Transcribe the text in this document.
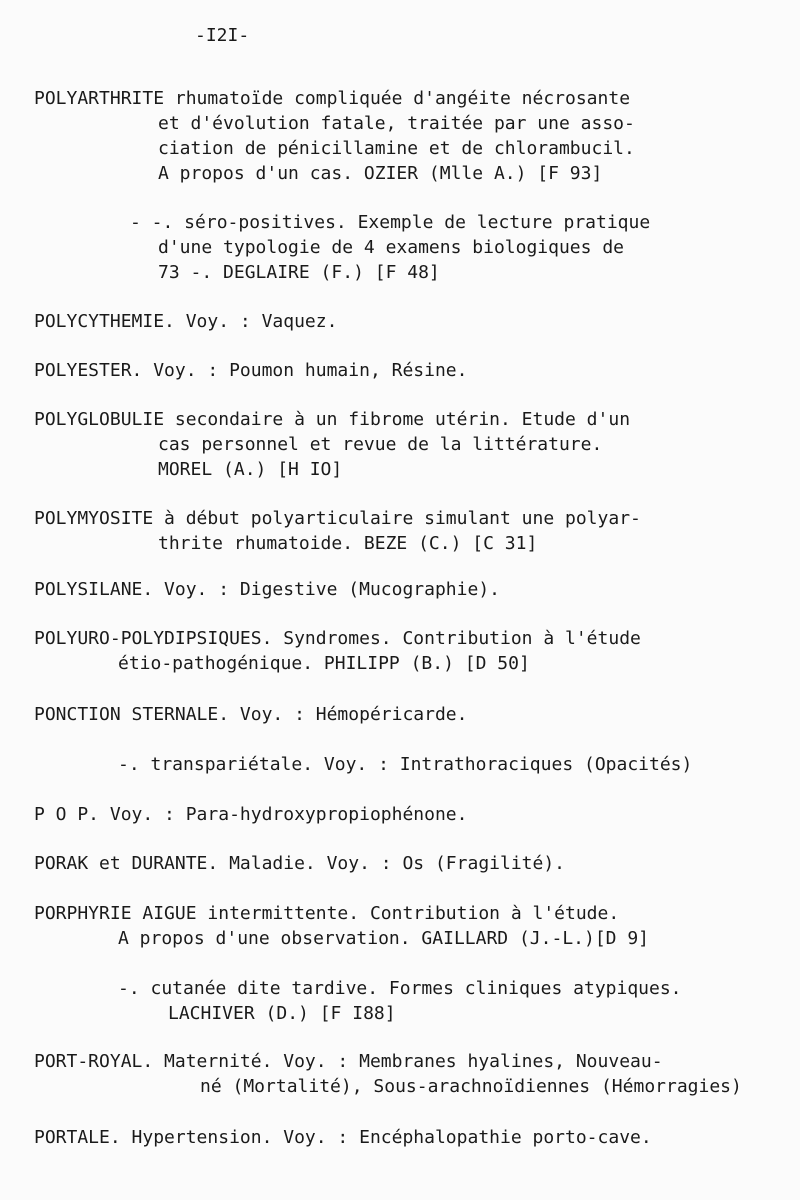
-I2I-
POLYARTHRITE rhumatoïde compliquée d'angéite nécrosante
et d'évolution fatale, traitée par une asso-
ciation de pénicillamine et de chlorambucil.
A propos d'un cas. OZIER (Mlle A.) [F 93]
- -. séro-positives. Exemple de lecture pratique
d'une typologie de 4 examens biologiques de
73 -. DEGLAIRE (F.) [F 48]
POLYCYTHEMIE. Voy. : Vaquez.
POLYESTER. Voy. : Poumon humain, Résine.
POLYGLOBULIE secondaire à un fibrome utérin. Etude d'un
cas personnel et revue de la littérature.
MOREL (A.) [H IO]
POLYMYOSITE à début polyarticulaire simulant une polyar-
thrite rhumatoide. BEZE (C.) [C 31]
POLYSILANE. Voy. : Digestive (Mucographie).
POLYURO-POLYDIPSIQUES. Syndromes. Contribution à l'étude
étio-pathogénique. PHILIPP (B.) [D 50]
PONCTION STERNALE. Voy. : Hémopéricarde.
-. transpariétale. Voy. : Intrathoraciques (Opacités)
P O P. Voy. : Para-hydroxypropiophénone.
PORAK et DURANTE. Maladie. Voy. : Os (Fragilité).
PORPHYRIE AIGUE intermittente. Contribution à l'étude.
A propos d'une observation. GAILLARD (J.-L.)[D 9]
-. cutanée dite tardive. Formes cliniques atypiques.
LACHIVER (D.) [F I88]
PORT-ROYAL. Maternité. Voy. : Membranes hyalines, Nouveau-
né (Mortalité), Sous-arachnoïdiennes (Hémorragies)
PORTALE. Hypertension. Voy. : Encéphalopathie porto-cave.
